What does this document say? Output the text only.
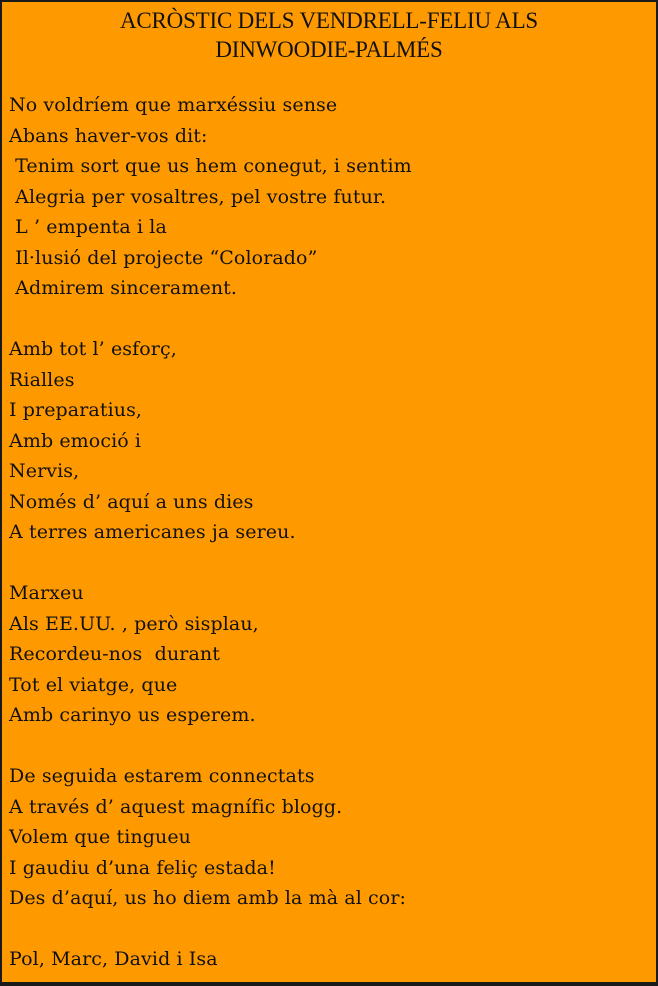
ACRÒSTIC DELS VENDRELL-FELIU ALS
DINWOODIE-PALMÉS
No voldríem que marxéssiu sense
Abans haver-vos dit:
Tenim sort que us hem conegut, i sentim
Alegria per vosaltres, pel vostre futur.
L ’ empenta i la
Il·lusió del projecte “Colorado”
Admirem sincerament.
Amb tot l’ esforç,
Rialles
I preparatius,
Amb emoció i
Nervis,
Només d’ aquí a uns dies
A terres americanes ja sereu.
Marxeu
Als EE.UU. , però sisplau,
Recordeu-nos  durant
Tot el viatge, que
Amb carinyo us esperem.
De seguida estarem connectats
A través d’ aquest magnífic blogg.
Volem que tingueu
I gaudiu d’una feliç estada!
Des d’aquí, us ho diem amb la mà al cor:
Pol, Marc, David i Isa
